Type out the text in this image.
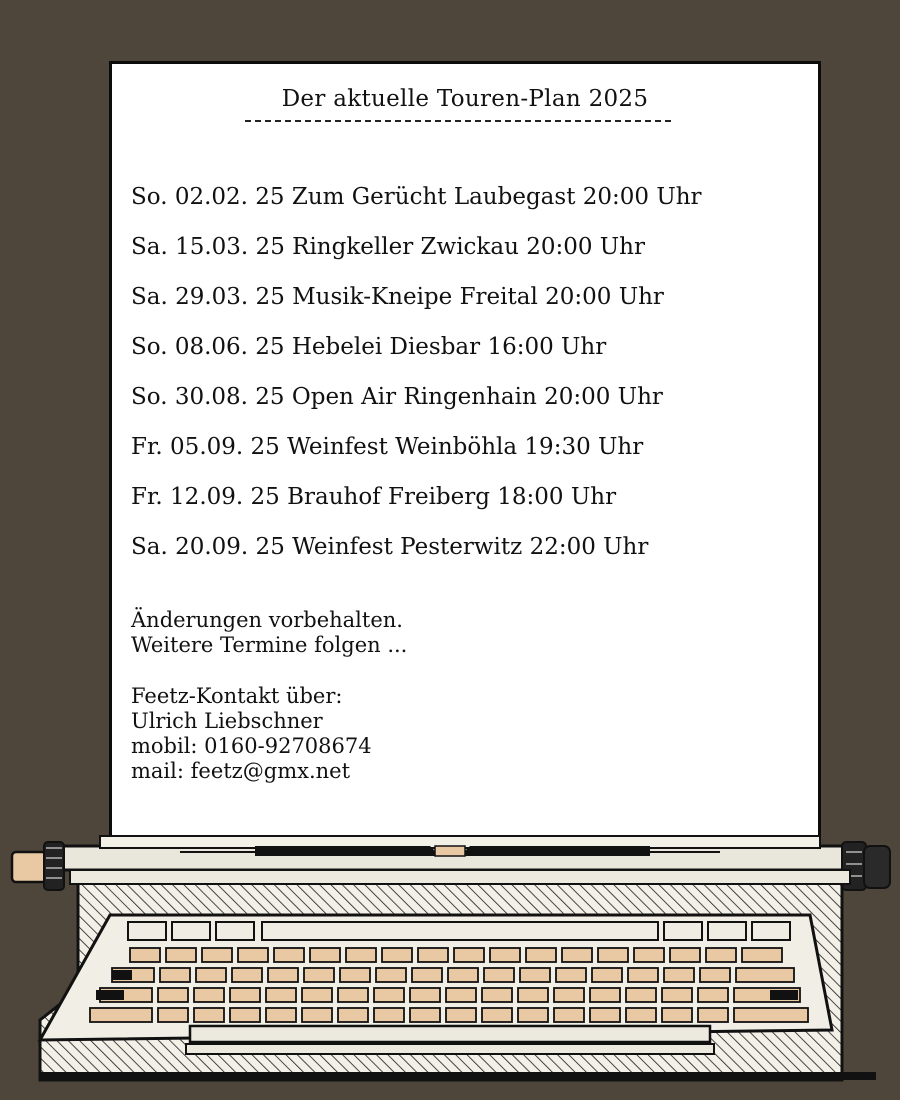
Der aktuelle Touren-Plan 2025
So. 02.02. 25 Zum Gerücht Laubegast 20:00 Uhr
Sa. 15.03. 25 Ringkeller Zwickau 20:00 Uhr
Sa. 29.03. 25 Musik-Kneipe Freital 20:00 Uhr
So. 08.06. 25 Hebelei Diesbar 16:00 Uhr
So. 30.08. 25 Open Air Ringenhain 20:00 Uhr
Fr. 05.09. 25 Weinfest Weinböhla 19:30 Uhr
Fr. 12.09. 25 Brauhof Freiberg 18:00 Uhr
Sa. 20.09. 25 Weinfest Pesterwitz 22:00 Uhr
Änderungen vorbehalten.
Weitere Termine folgen ...
Feetz-Kontakt über:
Ulrich Liebschner
mobil: 0160-92708674
mail: feetz@gmx.net
